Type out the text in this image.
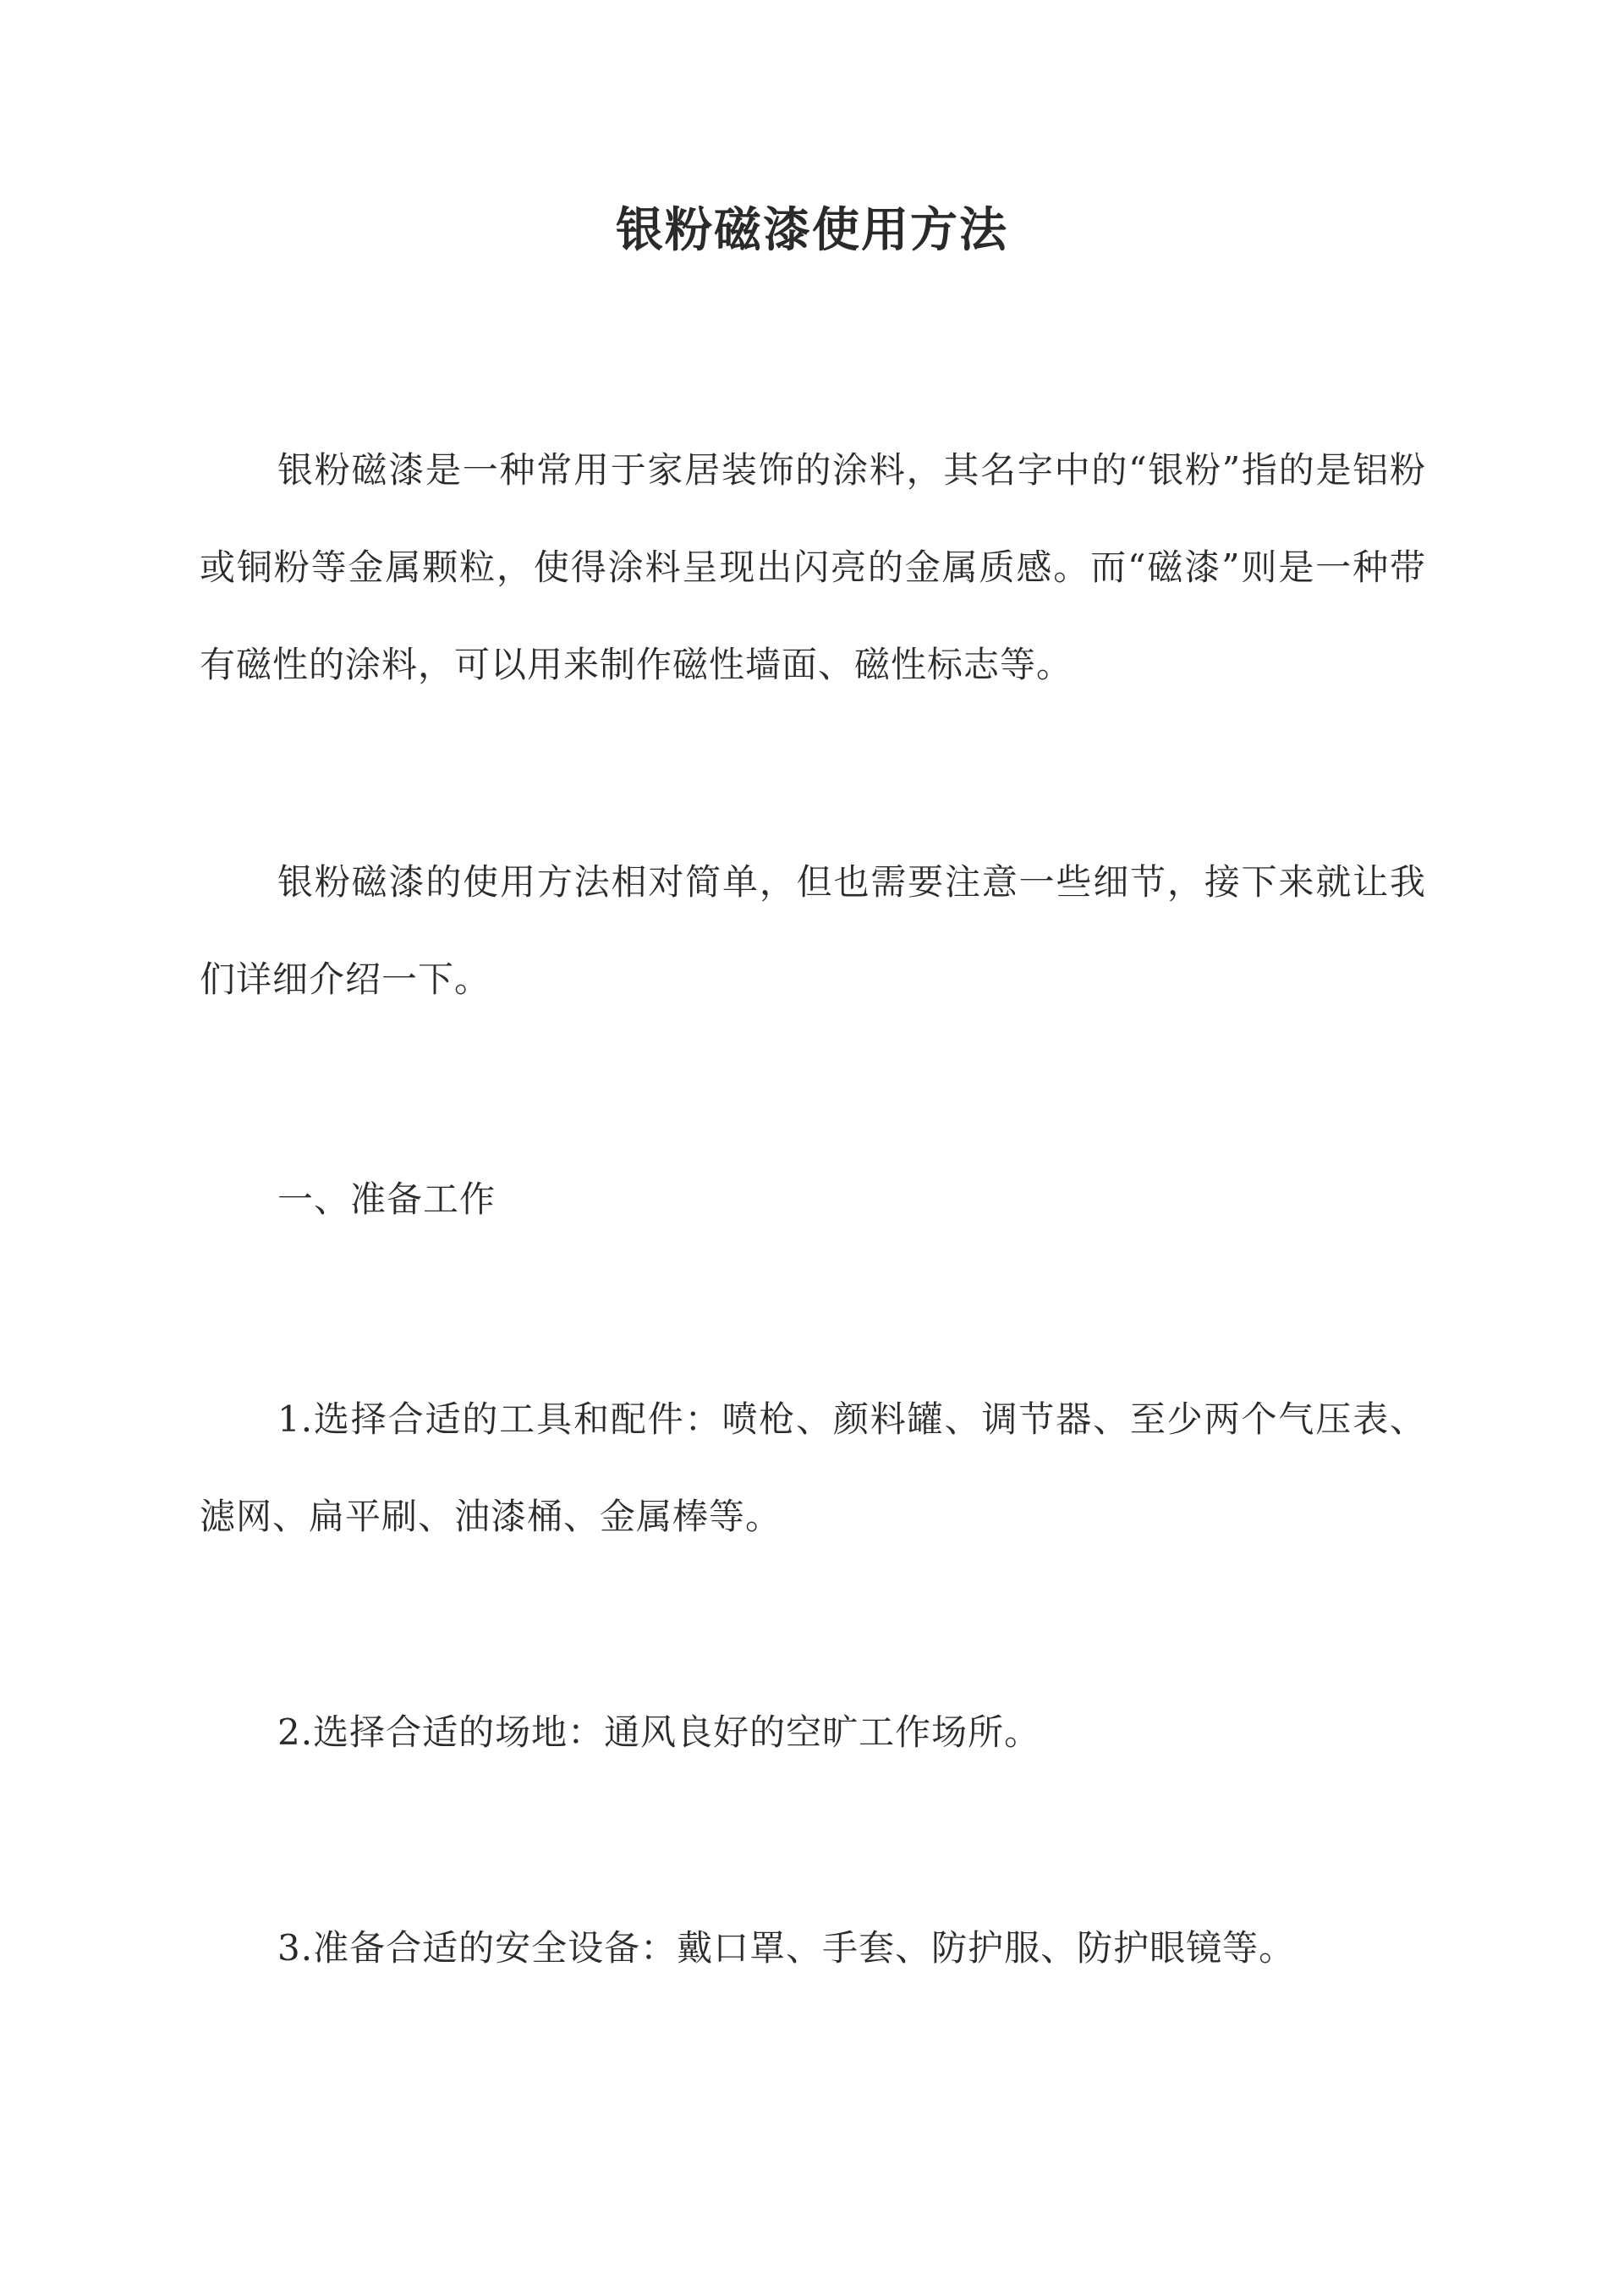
银粉磁漆使用方法

银粉磁漆是一种常用于家居装饰的涂料，其名字中的“银粉”指的是铝粉或铜粉等金属颗粒，使得涂料呈现出闪亮的金属质感。而“磁漆”则是一种带有磁性的涂料，可以用来制作磁性墙面、磁性标志等。

银粉磁漆的使用方法相对简单，但也需要注意一些细节，接下来就让我们详细介绍一下。

一、准备工作

1.选择合适的工具和配件：喷枪、颜料罐、调节器、至少两个气压表、滤网、扁平刷、油漆桶、金属棒等。

2.选择合适的场地：通风良好的空旷工作场所。

3.准备合适的安全设备：戴口罩、手套、防护服、防护眼镜等。
